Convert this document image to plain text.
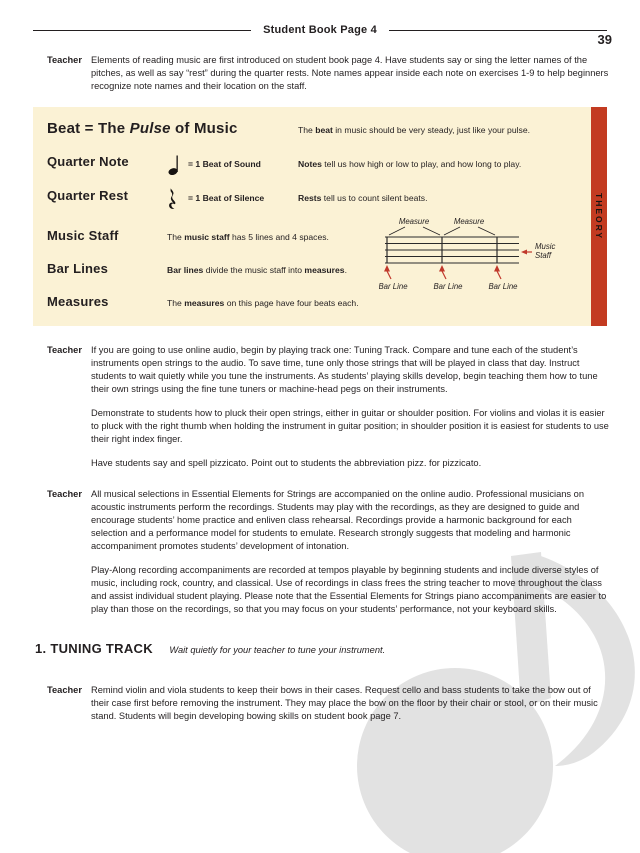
39
Student Book Page 4
Teacher Elements of reading music are first introduced on student book page 4. Have students say or sing the letter names of the pitches, as well as say “rest” during the quarter rests. Note names appear inside each note on exercises 1-9 to help beginners recognize note names and their location on the staff.

THEORY
Beat = The Pulse of Music	The beat in music should be very steady, just like your pulse.
Quarter Note	= 1 Beat of Sound	Notes tell us how high or low to play, and how long to play.
Quarter Rest	= 1 Beat of Silence	Rests tell us to count silent beats.
Music Staff	The music staff has 5 lines and 4 spaces.
Bar Lines	Bar lines divide the music staff into measures.
Measures	The measures on this page have four beats each.
Measure	Measure
Music
Staff
Bar Line	Bar Line	Bar Line
Teacher If you are going to use online audio, begin by playing track one: Tuning Track. Compare and tune each of the student’s instruments open strings to the audio. To save time, tune only those strings that will be played in class that day. Instruct students to wait quietly while you tune the instruments. As students’ playing skills develop, begin teaching them how to tune their own strings using the fine tune tuners or machine-head pegs on their instruments.

Demonstrate to students how to pluck their open strings, either in guitar or shoulder position. For violins and violas it is easier to pluck with the right thumb when holding the instrument in guitar position; in shoulder position it is easiest for students to use their right index finger.

Have students say and spell pizzicato. Point out to students the abbreviation pizz. for pizzicato.

Teacher All musical selections in Essential Elements for Strings are accompanied on the online audio. Professional musicians on acoustic instruments perform the recordings. Students may play with the recordings, as they are designed to guide and encourage students’ home practice and enliven class rehearsal. Recordings provide a harmonic background for each selection and a performance model for students to emulate. Research strongly suggests that modeling and harmonic accompaniment promotes students’ development of intonation.

Play-Along recording accompaniments are recorded at tempos playable by beginning students and include diverse styles of music, including rock, country, and classical. Use of recordings in class frees the string teacher to move throughout the class and assist individual student playing. Please note that the Essential Elements for Strings piano accompaniments are easier to play than those on the recordings, so that you may focus on your students’ performance, not your keyboard skills.

1. TUNING TRACK Wait quietly for your teacher to tune your instrument.
Teacher Remind violin and viola students to keep their bows in their cases. Request cello and bass students to take the bow out of their case first before removing the instrument. They may place the bow on the floor by their chair or stool, or on their music stand. Students will begin developing bowing skills on student book page 7.
